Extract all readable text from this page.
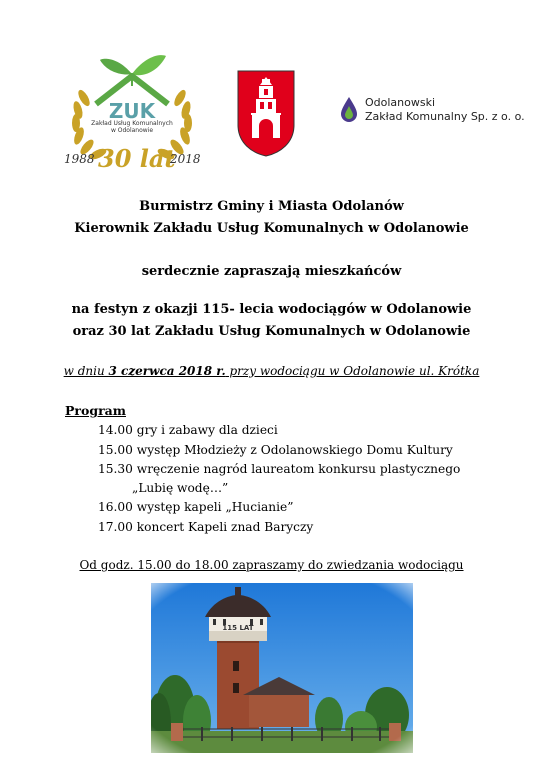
ZUK
Zakład Usług Komunalnych
w Odolanowie
1988 30 lat
2018
Odolanowski
Zakład Komunalny Sp. z o. o.
Burmistrz Gminy i Miasta Odolanów
Kierownik Zakładu Usług Komunalnych w Odolanowie
serdecznie zapraszają mieszkańców
na festyn z okazji 115- lecia wodociągów w Odolanowie
oraz 30 lat Zakładu Usług Komunalnych w Odolanowie
w dniu 3 czerwca 2018 r. przy wodociągu w Odolanowie ul. Krótka
Program
14.00 gry i zabawy dla dzieci
15.00 występ Młodzieży z Odolanowskiego Domu Kultury
15.30 wręczenie nagród laureatom konkursu plastycznego
„Lubię wodę…”
16.00 występ kapeli „Hucianie”
17.00 koncert Kapeli znad Baryczy
Od godz. 15.00 do 18.00 zapraszamy do zwiedzania wodociągu
